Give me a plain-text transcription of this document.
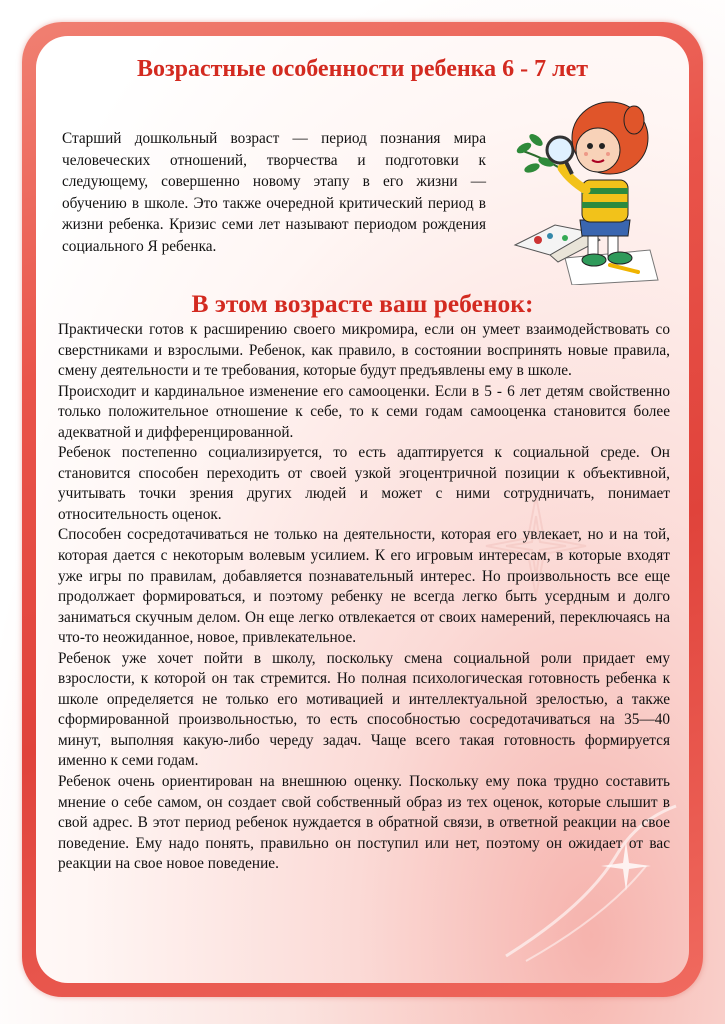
Возрастные особенности ребенка 6 - 7 лет

Старший дошкольный возраст — период познания мира человеческих отношений, творчества и подготовки к следующему, совершенно новому этапу в его жизни — обучению в школе. Это также очередной критический период в жизни ребенка. Кризис семи лет называют периодом рождения социального Я ребенка.

В этом возрасте ваш ребенок:

Практически готов к расширению своего микромира, если он умеет взаимодействовать со сверстниками и взрослыми. Ребенок, как правило, в состоянии воспринять новые правила, смену деятельности и те требования, которые будут предъявлены ему в школе.

Происходит и кардинальное изменение его самооценки. Если в 5 - 6 лет детям свойственно только положительное отношение к себе, то к семи годам самооценка становится более адекватной и дифференцированной.

Ребенок постепенно социализируется, то есть адаптируется к социальной среде. Он становится способен переходить от своей узкой эгоцентричной позиции к объективной, учитывать точки зрения других людей и может с ними сотрудничать, понимает относительность оценок.

Способен сосредотачиваться не только на деятельности, которая его увлекает, но и на той, которая дается с некоторым волевым усилием. К его игровым интересам, в которые входят уже игры по правилам, добавляется познавательный интерес. Но произвольность все еще продолжает формироваться, и поэтому ребенку не всегда легко быть усердным и долго заниматься скучным делом. Он еще легко отвлекается от своих намерений, переключаясь на что-то неожиданное, новое, привлекательное.

Ребенок уже хочет пойти в школу, поскольку смена социальной роли придает ему взрослости, к которой он так стремится. Но полная психологическая готовность ребенка к школе определяется не только его мотивацией и интеллектуальной зрелостью, а также сформированной произвольностью, то есть способностью сосредотачиваться на 35—40 минут, выполняя какую-либо череду задач. Чаще всего такая готовность формируется именно к семи годам.

Ребенок очень ориентирован на внешнюю оценку. Поскольку ему пока трудно составить мнение о себе самом, он создает свой собственный образ из тех оценок, которые слышит в свой адрес. В этот период ребенок нуждается в обратной связи, в ответной реакции на свое поведение. Ему надо понять, правильно он поступил или нет, поэтому он ожидает от вас реакции на свое новое поведение.
